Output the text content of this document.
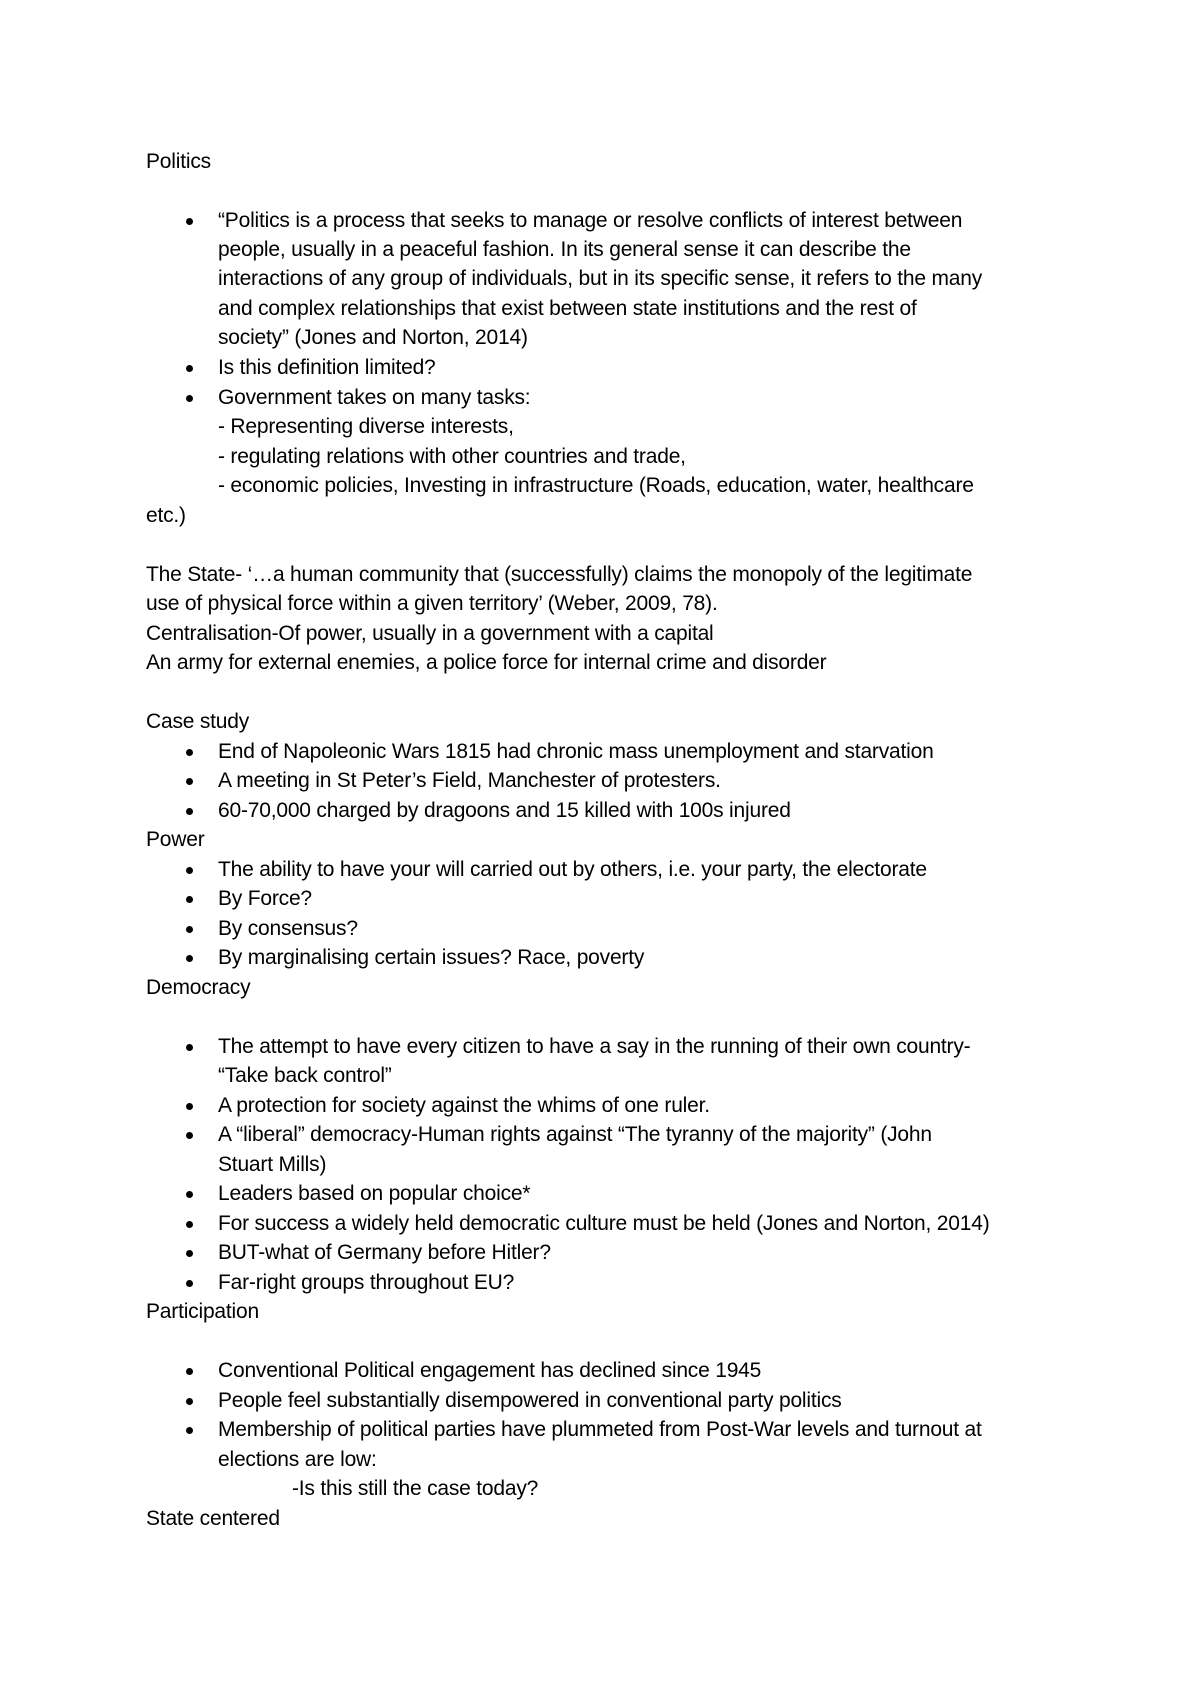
Politics
“Politics is a process that seeks to manage or resolve conflicts of interest between
people, usually in a peaceful fashion. In its general sense it can describe the
interactions of any group of individuals, but in its specific sense, it refers to the many
and complex relationships that exist between state institutions and the rest of
society” (Jones and Norton, 2014)
Is this definition limited?
Government takes on many tasks:
- Representing diverse interests,
- regulating relations with other countries and trade,
- economic policies, Investing in infrastructure (Roads, education, water, healthcare
etc.)
The State- ‘…a human community that (successfully) claims the monopoly of the legitimate
use of physical force within a given territory’ (Weber, 2009, 78).
Centralisation-Of power, usually in a government with a capital
An army for external enemies, a police force for internal crime and disorder
Case study
End of Napoleonic Wars 1815 had chronic mass unemployment and starvation
A meeting in St Peter’s Field, Manchester of protesters.
60-70,000 charged by dragoons and 15 killed with 100s injured
Power
The ability to have your will carried out by others, i.e. your party, the electorate
By Force?
By consensus?
By marginalising certain issues? Race, poverty
Democracy
The attempt to have every citizen to have a say in the running of their own country-
“Take back control”
A protection for society against the whims of one ruler.
A “liberal” democracy-Human rights against “The tyranny of the majority” (John
Stuart Mills)
Leaders based on popular choice*
For success a widely held democratic culture must be held (Jones and Norton, 2014)
BUT-what of Germany before Hitler?
Far-right groups throughout EU?
Participation
Conventional Political engagement has declined since 1945
People feel substantially disempowered in conventional party politics
Membership of political parties have plummeted from Post-War levels and turnout at
elections are low:
-Is this still the case today?
State centered
